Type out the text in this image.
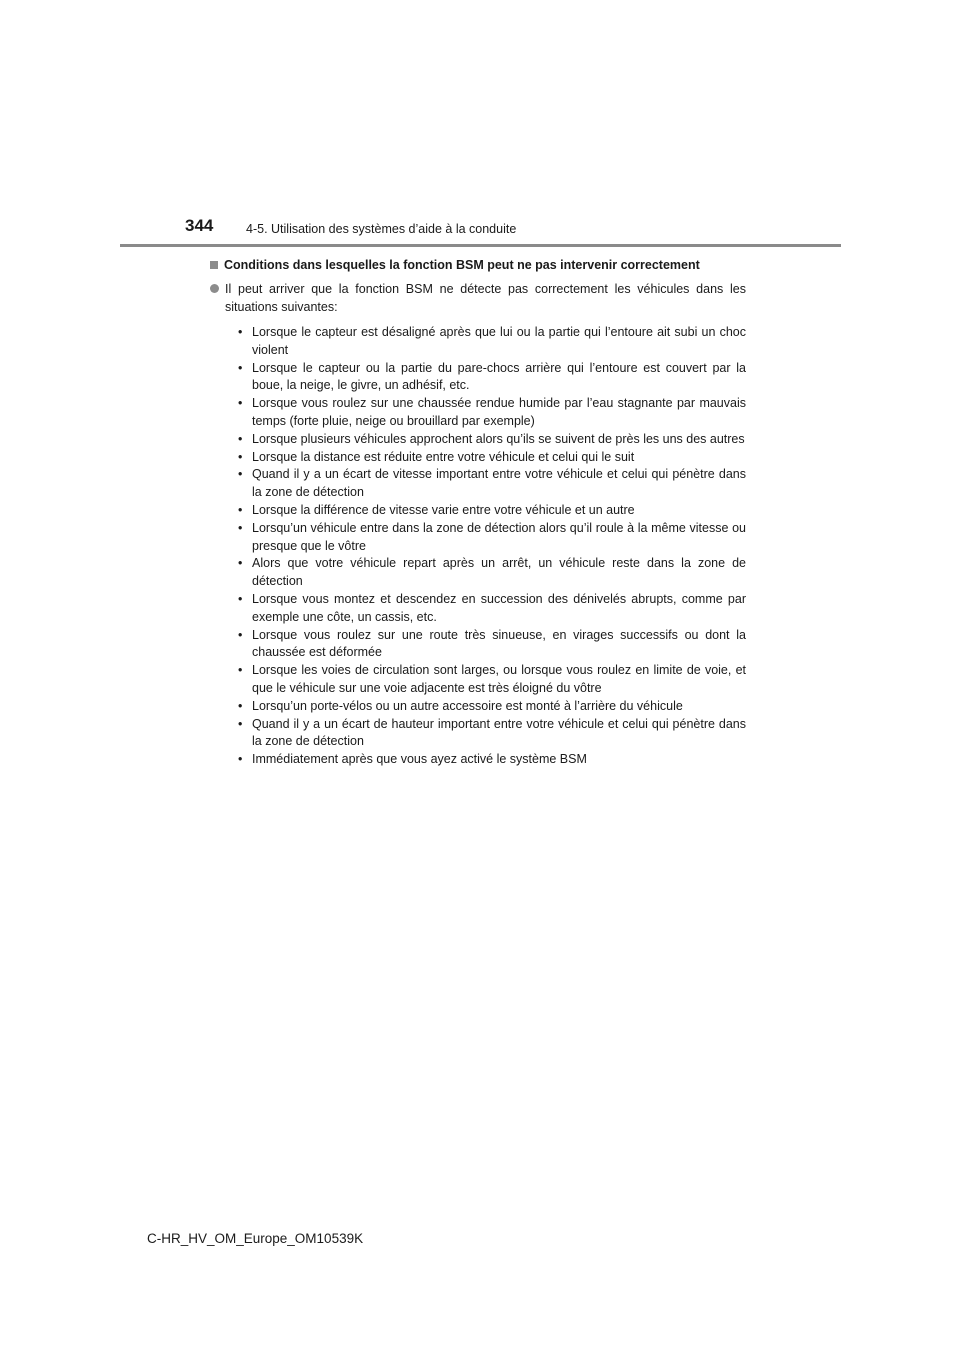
344	4-5. Utilisation des systèmes d’aide à la conduite
Conditions dans lesquelles la fonction BSM peut ne pas intervenir correctement
Il peut arriver que la fonction BSM ne détecte pas correctement les véhicules dans les situations suivantes:
• Lorsque le capteur est désaligné après que lui ou la partie qui l’entoure ait subi un choc violent
• Lorsque le capteur ou la partie du pare-chocs arrière qui l’entoure est couvert par la boue, la neige, le givre, un adhésif, etc.
• Lorsque vous roulez sur une chaussée rendue humide par l’eau stagnante par mauvais temps (forte pluie, neige ou brouillard par exemple)
• Lorsque plusieurs véhicules approchent alors qu’ils se suivent de près les uns des autres
• Lorsque la distance est réduite entre votre véhicule et celui qui le suit
• Quand il y a un écart de vitesse important entre votre véhicule et celui qui pénètre dans la zone de détection
• Lorsque la différence de vitesse varie entre votre véhicule et un autre
• Lorsqu’un véhicule entre dans la zone de détection alors qu’il roule à la même vitesse ou presque que le vôtre
• Alors que votre véhicule repart après un arrêt, un véhicule reste dans la zone de détection
• Lorsque vous montez et descendez en succession des dénivelés abrupts, comme par exemple une côte, un cassis, etc.
• Lorsque vous roulez sur une route très sinueuse, en virages successifs ou dont la chaussée est déformée
• Lorsque les voies de circulation sont larges, ou lorsque vous roulez en limite de voie, et que le véhicule sur une voie adjacente est très éloigné du vôtre
• Lorsqu’un porte-vélos ou un autre accessoire est monté à l’arrière du véhicule
• Quand il y a un écart de hauteur important entre votre véhicule et celui qui pénètre dans la zone de détection
• Immédiatement après que vous ayez activé le système BSM
C-HR_HV_OM_Europe_OM10539K
